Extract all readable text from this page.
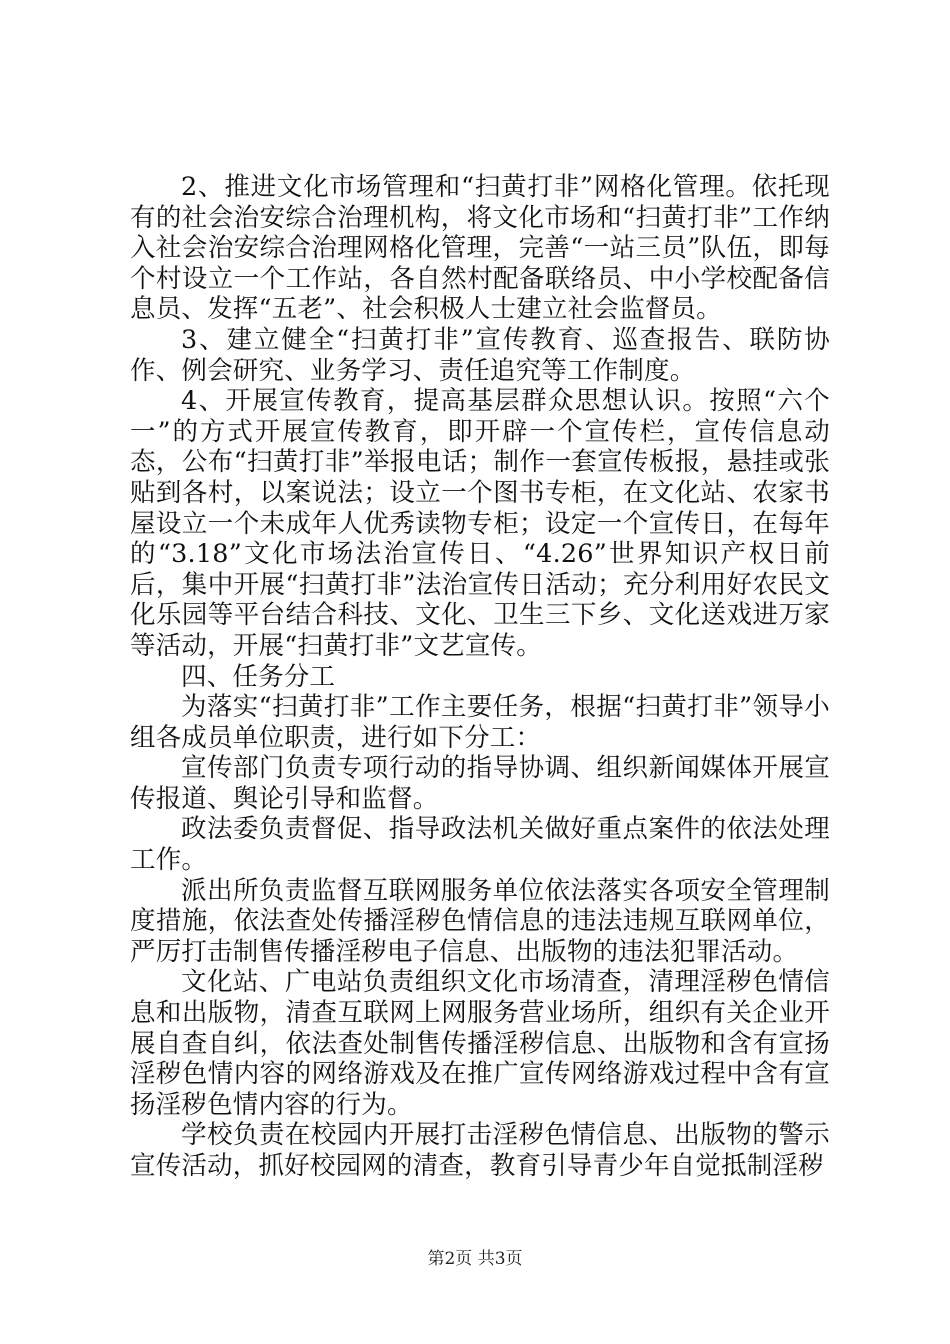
2、推进文化市场管理和“扫黄打非”网格化管理。依托现有的社会治安综合治理机构，将文化市场和“扫黄打非”工作纳入社会治安综合治理网格化管理，完善“一站三员”队伍，即每个村设立一个工作站，各自然村配备联络员、中小学校配备信息员、发挥“五老”、社会积极人士建立社会监督员。

3、建立健全“扫黄打非”宣传教育、巡查报告、联防协作、例会研究、业务学习、责任追究等工作制度。

4、开展宣传教育，提高基层群众思想认识。按照“六个一”的方式开展宣传教育，即开辟一个宣传栏，宣传信息动态，公布“扫黄打非”举报电话；制作一套宣传板报，悬挂或张贴到各村，以案说法；设立一个图书专柜，在文化站、农家书屋设立一个未成年人优秀读物专柜；设定一个宣传日，在每年的“3.18”文化市场法治宣传日、“4.26”世界知识产权日前后，集中开展“扫黄打非”法治宣传日活动；充分利用好农民文化乐园等平台结合科技、文化、卫生三下乡、文化送戏进万家等活动，开展“扫黄打非”文艺宣传。

四、任务分工

为落实“扫黄打非”工作主要任务，根据“扫黄打非”领导小组各成员单位职责，进行如下分工：

宣传部门负责专项行动的指导协调、组织新闻媒体开展宣传报道、舆论引导和监督。

政法委负责督促、指导政法机关做好重点案件的依法处理工作。

派出所负责监督互联网服务单位依法落实各项安全管理制度措施，依法查处传播淫秽色情信息的违法违规互联网单位，严厉打击制售传播淫秽电子信息、出版物的违法犯罪活动。

文化站、广电站负责组织文化市场清查，清理淫秽色情信息和出版物，清查互联网上网服务营业场所，组织有关企业开展自查自纠，依法查处制售传播淫秽信息、出版物和含有宣扬淫秽色情内容的网络游戏及在推广宣传网络游戏过程中含有宣扬淫秽色情内容的行为。

学校负责在校园内开展打击淫秽色情信息、出版物的警示宣传活动，抓好校园网的清查，教育引导青少年自觉抵制淫秽

第2页 共3页
